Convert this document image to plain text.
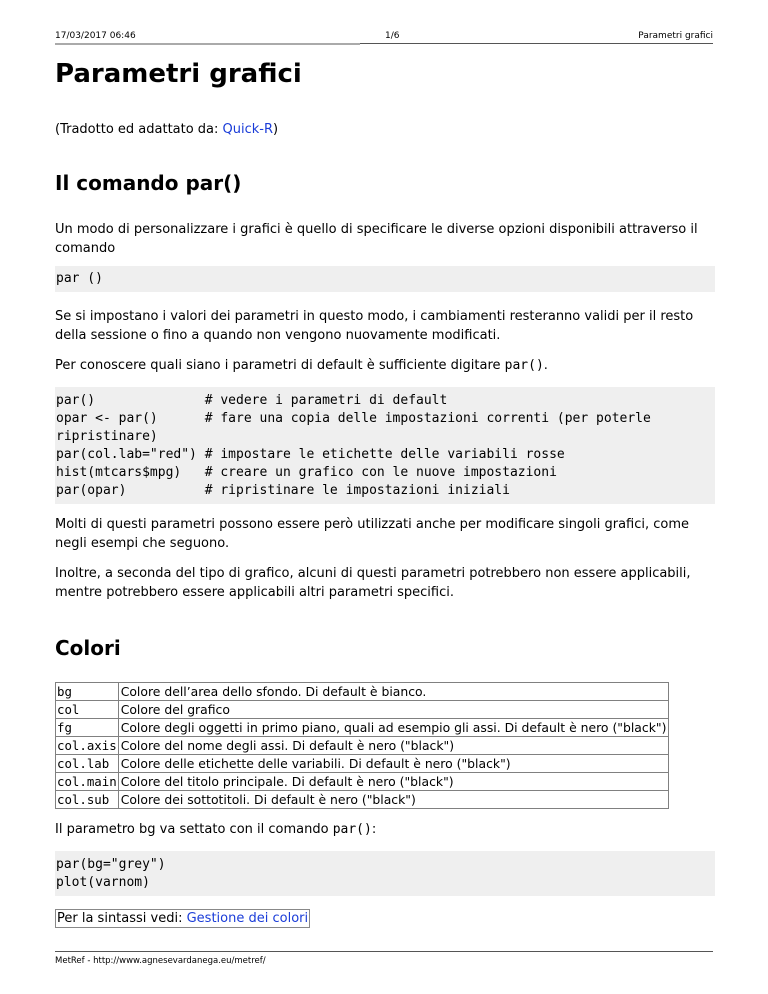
17/03/2017 06:46	1/6	Parametri grafici
Parametri grafici

(Tradotto ed adattato da: Quick-R)

Il comando par()

Un modo di personalizzare i grafici è quello di specificare le diverse opzioni disponibili attraverso il comando

par ()

Se si impostano i valori dei parametri in questo modo, i cambiamenti resteranno validi per il resto della sessione o fino a quando non vengono nuovamente modificati.

Per conoscere quali siano i parametri di default è sufficiente digitare par().

par()              # vedere i parametri di default
opar <- par()      # fare una copia delle impostazioni correnti (per poterle
ripristinare)
par(col.lab="red") # impostare le etichette delle variabili rosse
hist(mtcars$mpg)   # creare un grafico con le nuove impostazioni
par(opar)          # ripristinare le impostazioni iniziali

Molti di questi parametri possono essere però utilizzati anche per modificare singoli grafici, come negli esempi che seguono.

Inoltre, a seconda del tipo di grafico, alcuni di questi parametri potrebbero non essere applicabili, mentre potrebbero essere applicabili altri parametri specifici.

Colori
bg	Colore dell’area dello sfondo. Di default è bianco.
col	Colore del grafico
fg	Colore degli oggetti in primo piano, quali ad esempio gli assi. Di default è nero ("black")
col.axis	Colore del nome degli assi. Di default è nero ("black")
col.lab	Colore delle etichette delle variabili. Di default è nero ("black")
col.main	Colore del titolo principale. Di default è nero ("black")
col.sub	Colore dei sottotitoli. Di default è nero ("black")

Il parametro bg va settato con il comando par():

par(bg="grey")
plot(varnom)
Per la sintassi vedi: Gestione dei colori
MetRef - http://www.agnesevardanega.eu/metref/
